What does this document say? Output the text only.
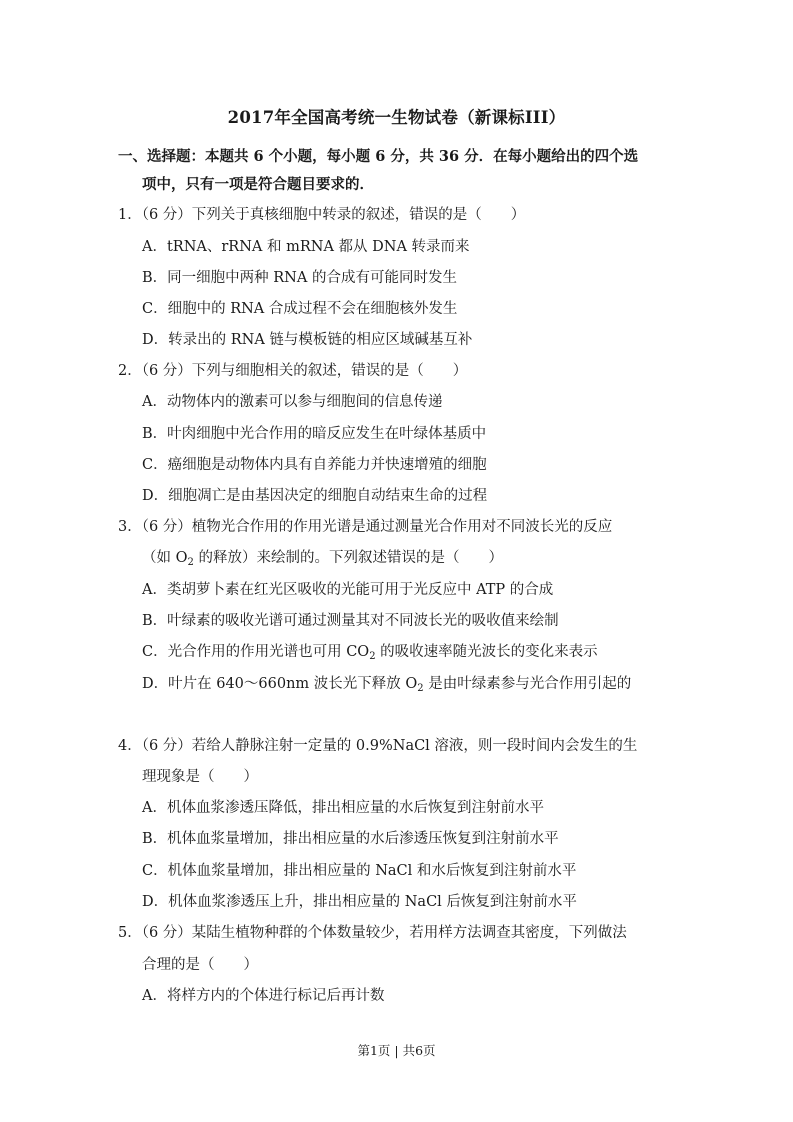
2017年全国高考统一生物试卷（新课标III）
一、选择题：本题共 6 个小题，每小题 6 分，共 36 分．在每小题给出的四个选
项中，只有一项是符合题目要求的．
1．（6 分）下列关于真核细胞中转录的叙述，错误的是（　　）
A．tRNA、rRNA 和 mRNA 都从 DNA 转录而来
B．同一细胞中两种 RNA 的合成有可能同时发生
C．细胞中的 RNA 合成过程不会在细胞核外发生
D．转录出的 RNA 链与模板链的相应区域碱基互补
2．（6 分）下列与细胞相关的叙述，错误的是（　　）
A．动物体内的激素可以参与细胞间的信息传递
B．叶肉细胞中光合作用的暗反应发生在叶绿体基质中
C．癌细胞是动物体内具有自养能力并快速增殖的细胞
D．细胞凋亡是由基因决定的细胞自动结束生命的过程
3．（6 分）植物光合作用的作用光谱是通过测量光合作用对不同波长光的反应
（如 $O_2$ 的释放）来绘制的。下列叙述错误的是（　　）
A．类胡萝卜素在红光区吸收的光能可用于光反应中 ATP 的合成
B．叶绿素的吸收光谱可通过测量其对不同波长光的吸收值来绘制
C．光合作用的作用光谱也可用 $CO_2$ 的吸收速率随光波长的变化来表示
D．叶片在 640～660nm 波长光下释放 $O_2$ 是由叶绿素参与光合作用引起的
4．（6 分）若给人静脉注射一定量的 0.9%NaCl 溶液，则一段时间内会发生的生
理现象是（　　）
A．机体血浆渗透压降低，排出相应量的水后恢复到注射前水平
B．机体血浆量增加，排出相应量的水后渗透压恢复到注射前水平
C．机体血浆量增加，排出相应量的 NaCl 和水后恢复到注射前水平
D．机体血浆渗透压上升，排出相应量的 NaCl 后恢复到注射前水平
5．（6 分）某陆生植物种群的个体数量较少，若用样方法调查其密度，下列做法
合理的是（　　）
A．将样方内的个体进行标记后再计数
第1页 | 共6页
